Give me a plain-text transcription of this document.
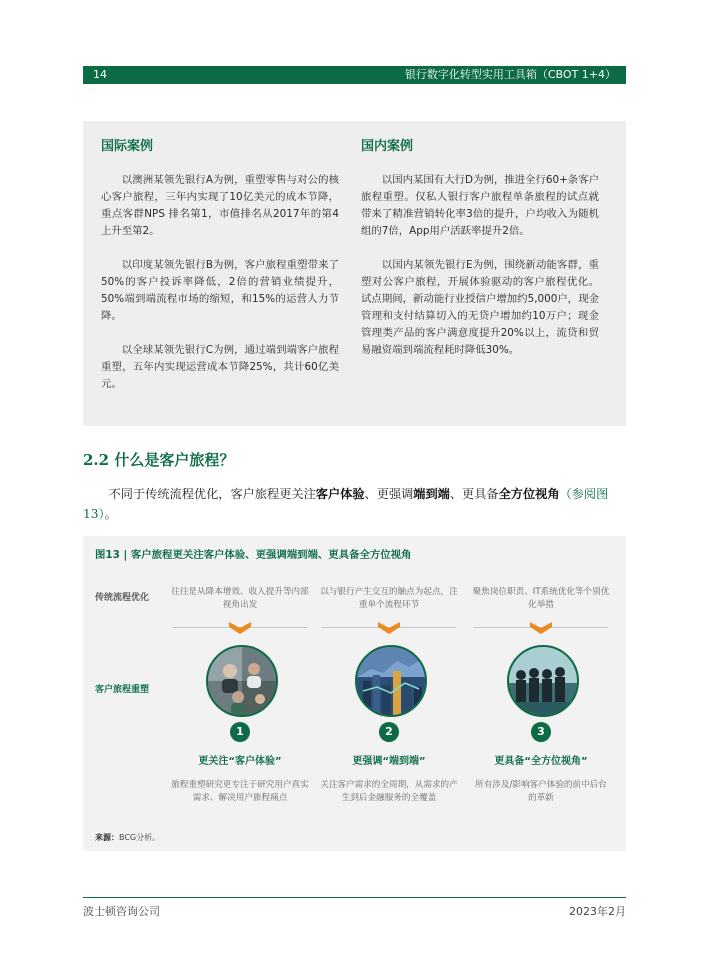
14	银行数字化转型实用工具箱（CBOT 1+4）
国际案例

以澳洲某领先银行A为例，重塑零售与对公的核心客户旅程，三年内实现了10亿美元的成本节降，重点客群NPS 排名第1，市值排名从2017年的第4上升至第2。

以印度某领先银行B为例，客户旅程重塑带来了50%的客户投诉率降低，2倍的营销业绩提升，50%端到端流程市场的缩短，和15%的运营人力节降。

以全球某领先银行C为例，通过端到端客户旅程重塑，五年内实现运营成本节降25%，共计60亿美元。

国内案例

以国内某国有大行D为例，推进全行60+条客户旅程重塑。仅私人银行客户旅程单条旅程的试点就带来了精准营销转化率3倍的提升，户均收入为随机组的7倍，App用户活跃率提升2倍。

以国内某领先银行E为例，围绕新动能客群，重塑对公客户旅程，开展体验驱动的客户旅程优化。试点期间，新动能行业授信户增加约5,000户，现金管理和支付结算切入的无贷户增加约10万户；现金管理类产品的客户满意度提升20%以上，流贷和贸易融资端到端流程耗时降低30%。

2.2 什么是客户旅程？

不同于传统流程优化，客户旅程更关注客户体验、更强调端到端、更具备全方位视角（参阅图13）。

图13 | 客户旅程更关注客户体验、更强调端到端、更具备全方位视角
传统流程优化
客户旅程重塑
往往是从降本增效、收入提升等内部视角出发
1
更关注“客户体验”
旅程重塑研究更专注于研究用户真实需求、解决用户旅程痛点
以与银行产生交互的触点为起点，注重单个流程环节
2
更强调“端到端”
关注客户需求的全周期，从需求的产生到后金融服务的全覆盖
聚焦岗位职责、IT系统优化等个别优化举措
3
更具备“全方位视角”
所有涉及/影响客户体验的前中后台的革新
来源：BCG分析。
波士顿咨询公司	2023年2月
